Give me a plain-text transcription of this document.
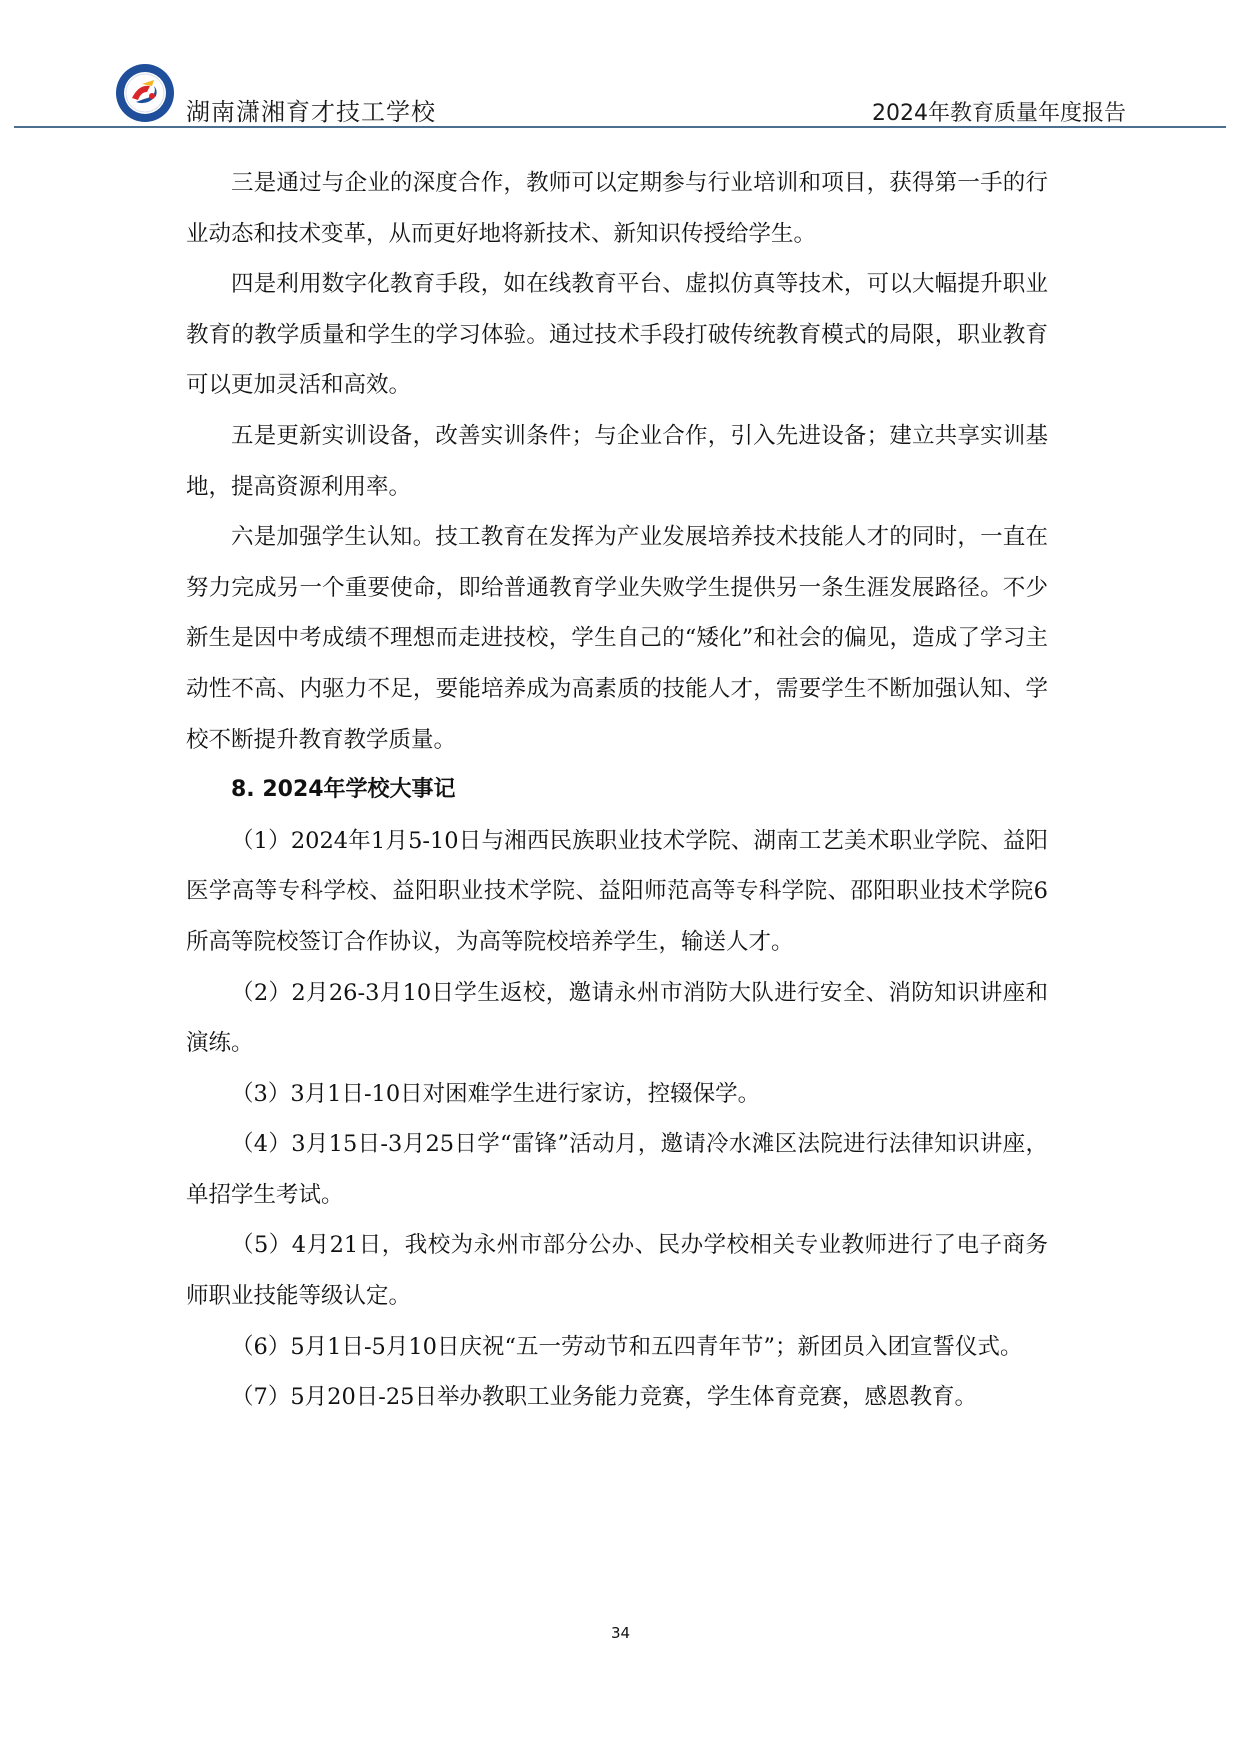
湖南潇湘育才技工学校	2024年教育质量年度报告

三是通过与企业的深度合作，教师可以定期参与行业培训和项目，获得第一手的行业动态和技术变革，从而更好地将新技术、新知识传授给学生。

四是利用数字化教育手段，如在线教育平台、虚拟仿真等技术，可以大幅提升职业教育的教学质量和学生的学习体验。通过技术手段打破传统教育模式的局限，职业教育可以更加灵活和高效。

五是更新实训设备，改善实训条件；与企业合作，引入先进设备；建立共享实训基地，提高资源利用率。

六是加强学生认知。技工教育在发挥为产业发展培养技术技能人才的同时，一直在努力完成另一个重要使命，即给普通教育学业失败学生提供另一条生涯发展路径。不少新生是因中考成绩不理想而走进技校，学生自己的“矮化”和社会的偏见，造成了学习主动性不高、内驱力不足，要能培养成为高素质的技能人才，需要学生不断加强认知、学校不断提升教育教学质量。

8. 2024年学校大事记

（1）2024年1月5-10日与湘西民族职业技术学院、湖南工艺美术职业学院、益阳医学高等专科学校、益阳职业技术学院、益阳师范高等专科学院、邵阳职业技术学院6所高等院校签订合作协议，为高等院校培养学生，输送人才。

（2）2月26-3月10日学生返校，邀请永州市消防大队进行安全、消防知识讲座和演练。

（3）3月1日-10日对困难学生进行家访，控辍保学。

（4）3月15日-3月25日学“雷锋”活动月，邀请冷水滩区法院进行法律知识讲座，单招学生考试。

（5）4月21日，我校为永州市部分公办、民办学校相关专业教师进行了电子商务师职业技能等级认定。

（6）5月1日-5月10日庆祝“五一劳动节和五四青年节”；新团员入团宣誓仪式。

（7）5月20日-25日举办教职工业务能力竞赛，学生体育竞赛，感恩教育。

34
